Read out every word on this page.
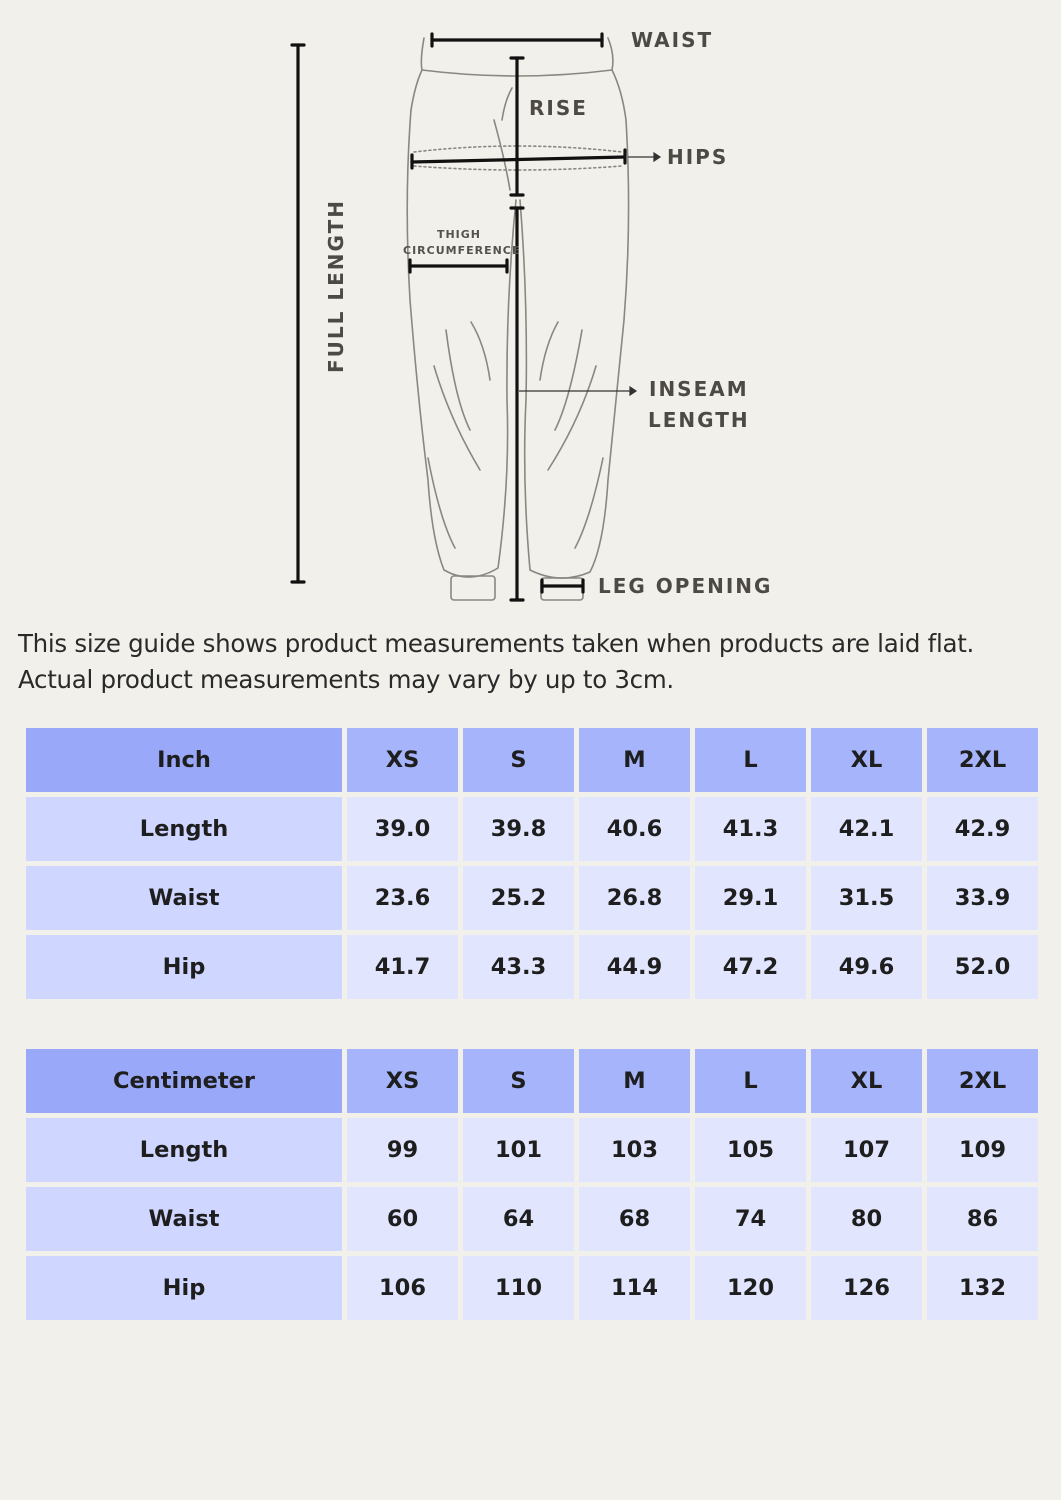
WAIST
RISE
HIPS
THIGH
CIRCUMFERENCE
FULL LENGTH
INSEAM
LENGTH
LEG OPENING
This size guide shows product measurements taken when products are laid flat. Actual product measurements may vary by up to 3cm.
Inch	XS	S	M	L	XL	2XL
Length	39.0	39.8	40.6	41.3	42.1	42.9
Waist	23.6	25.2	26.8	29.1	31.5	33.9
Hip	41.7	43.3	44.9	47.2	49.6	52.0
Centimeter	XS	S	M	L	XL	2XL
Length	99	101	103	105	107	109
Waist	60	64	68	74	80	86
Hip	106	110	114	120	126	132
